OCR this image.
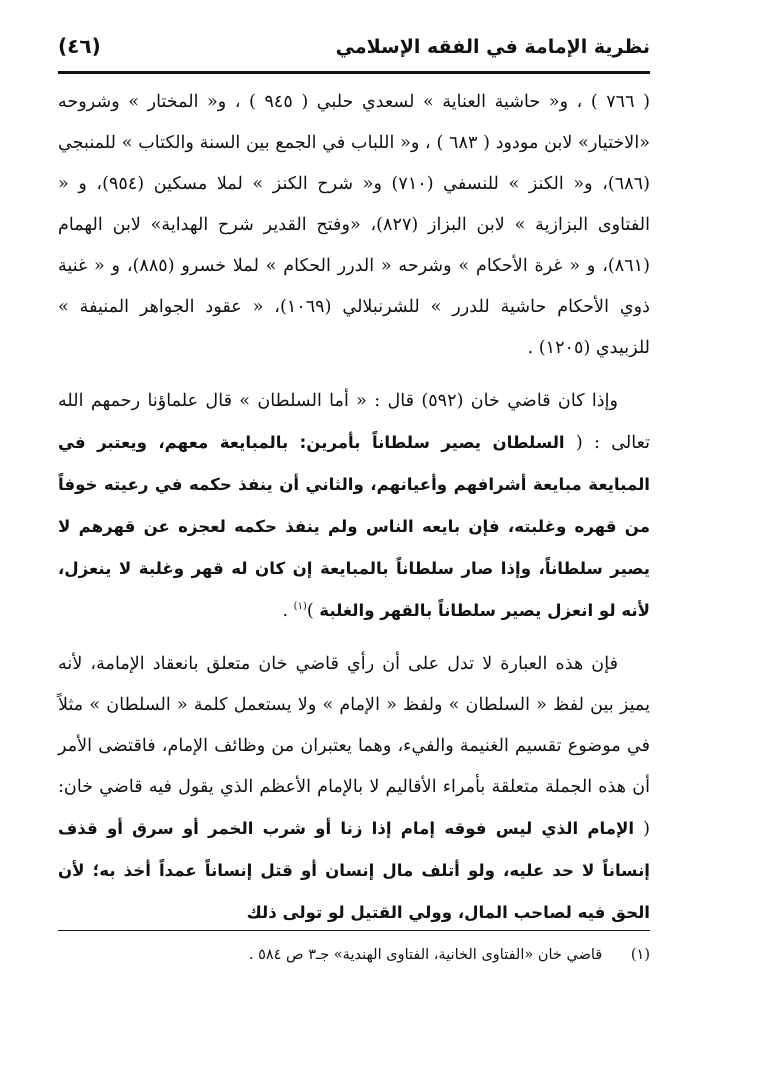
نظرية الإمامة في الفقه الإسلامي
(٤٦)

( ٧٦٦ ) ، و« حاشية العناية » لسعدي حلبي ( ٩٤٥ ) ، و« المختار » وشروحه «الاختيار» لابن مودود ( ٦٨٣ ) ، و« اللباب في الجمع بين السنة والكتاب » للمنبجي (٦٨٦)، و« الكنز » للنسفي (٧١٠) و« شرح الكنز » لملا مسكين (٩٥٤)، و « الفتاوى البزازية » لابن البزاز (٨٢٧)، «وفتح القدير شرح الهداية» لابن الهمام (٨٦١)، و « غرة الأحكام » وشرحه « الدرر الحكام » لملا خسرو (٨٨٥)، و « غنية ذوي الأحكام حاشية للدرر » للشرنبلالي (١٠٦٩)، « عقود الجواهر المنيفة » للزبيدي (١٢٠٥) .

وإذا كان قاضي خان (٥٩٢) قال : « أما السلطان » قال علماؤنا رحمهم الله تعالى : ( السلطان يصير سلطاناً بأمرين: بالمبايعة معهم، ويعتبر في المبايعة مبايعة أشرافهم وأعيانهم، والثاني أن ينفذ حكمه في رعيته خوفاً من قهره وغلبته، فإن بايعه الناس ولم ينفذ حكمه لعجزه عن قهرهم لا يصير سلطاناً، وإذا صار سلطاناً بالمبايعة إن كان له قهر وغلبة لا ينعزل، لأنه لو انعزل يصير سلطاناً بالقهر والغلبة )$^{(١)}$ .

فإن هذه العبارة لا تدل على أن رأي قاضي خان متعلق بانعقاد الإمامة، لأنه يميز بين لفظ « السلطان » ولفظ « الإمام » ولا يستعمل كلمة « السلطان » مثلاً في موضوع تقسيم الغنيمة والفيء، وهما يعتبران من وظائف الإمام، فاقتضى الأمر أن هذه الجملة متعلقة بأمراء الأقاليم لا بالإمام الأعظم الذي يقول فيه قاضي خان: ( الإمام الذي ليس فوقه إمام إذا زنا أو شرب الخمر أو سرق أو قذف إنساناً لا حد عليه، ولو أتلف مال إنسان أو قتل إنساناً عمداً أخذ به؛ لأن الحق فيه لصاحب المال، وولي القتيل لو تولى ذلك

(١) قاضي خان «الفتاوى الخانية، الفتاوى الهندية» جـ٣ ص ٥٨٤ .
